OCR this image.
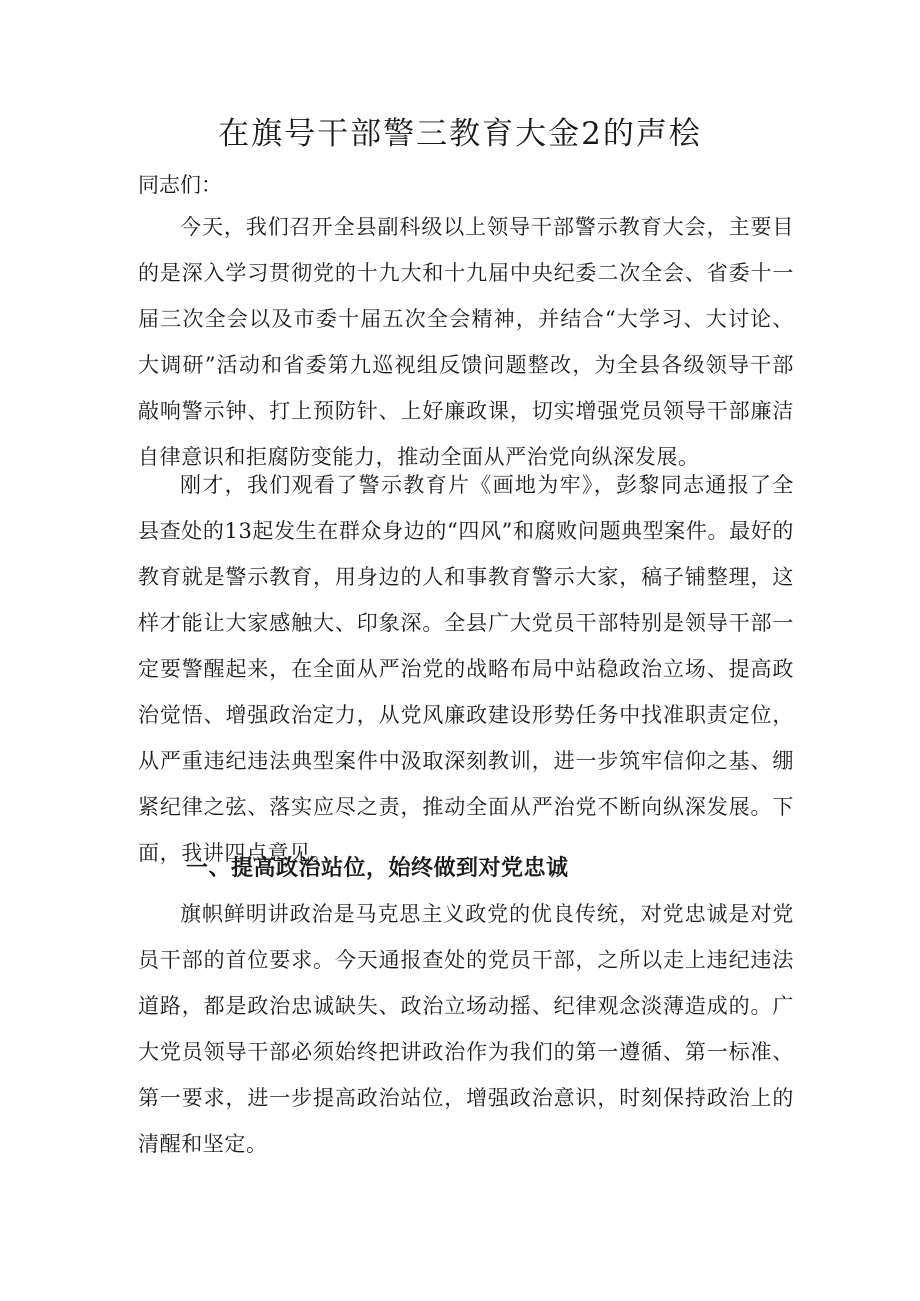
在旗号干部警三教育大金2的声桧

同志们：

今天，我们召开全县副科级以上领导干部警示教育大会，主要目的是深入学习贯彻党的十九大和十九届中央纪委二次全会、省委十一届三次全会以及市委十届五次全会精神，并结合“大学习、大讨论、大调研”活动和省委第九巡视组反馈问题整改，为全县各级领导干部敲响警示钟、打上预防针、上好廉政课，切实增强党员领导干部廉洁自律意识和拒腐防变能力，推动全面从严治党向纵深发展。

刚才，我们观看了警示教育片《画地为牢》，彭黎同志通报了全县查处的13起发生在群众身边的“四风”和腐败问题典型案件。最好的教育就是警示教育，用身边的人和事教育警示大家，稿子铺整理，这样才能让大家感触大、印象深。全县广大党员干部特别是领导干部一定要警醒起来，在全面从严治党的战略布局中站稳政治立场、提高政治觉悟、增强政治定力，从党风廉政建设形势任务中找准职责定位，从严重违纪违法典型案件中汲取深刻教训，进一步筑牢信仰之基、绷紧纪律之弦、落实应尽之责，推动全面从严治党不断向纵深发展。下面，我讲四点意见。

一、提高政治站位，始终做到对党忠诚

旗帜鲜明讲政治是马克思主义政党的优良传统，对党忠诚是对党员干部的首位要求。今天通报查处的党员干部，之所以走上违纪违法道路，都是政治忠诚缺失、政治立场动摇、纪律观念淡薄造成的。广大党员领导干部必须始终把讲政治作为我们的第一遵循、第一标准、第一要求，进一步提高政治站位，增强政治意识，时刻保持政治上的清醒和坚定。
